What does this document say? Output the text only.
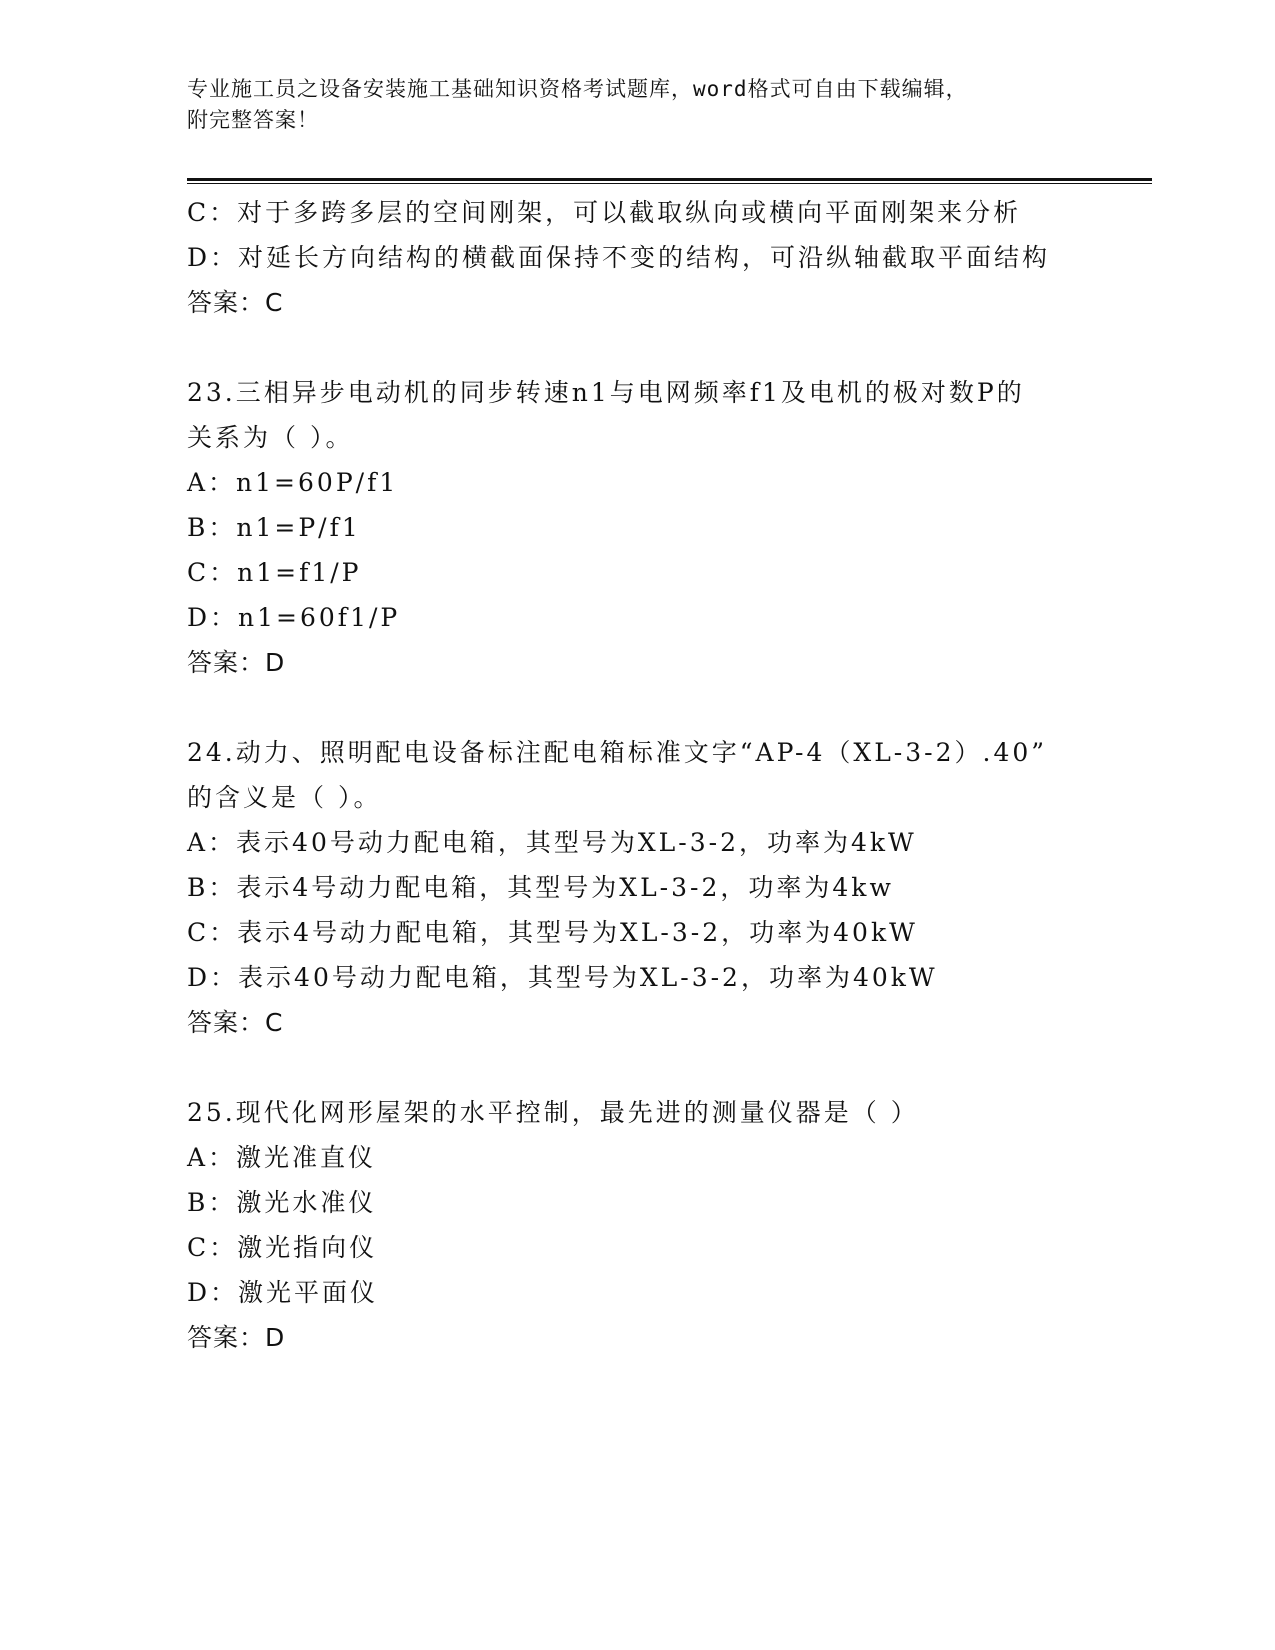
专业施工员之设备安装施工基础知识资格考试题库，word格式可自由下载编辑，
附完整答案！
C：对于多跨多层的空间刚架，可以截取纵向或横向平面刚架来分析
D：对延长方向结构的横截面保持不变的结构，可沿纵轴截取平面结构
答案：C
23.三相异步电动机的同步转速n1与电网频率f1及电机的极对数P的
关系为（ ）。
A：n1=60P/f1
B：n1=P/f1
C：n1=f1/P
D：n1=60f1/P
答案：D
24.动力、照明配电设备标注配电箱标准文字“AP-4（XL-3-2）.40”
的含义是（ ）。
A：表示40号动力配电箱，其型号为XL-3-2，功率为4kW
B：表示4号动力配电箱，其型号为XL-3-2，功率为4kw
C：表示4号动力配电箱，其型号为XL-3-2，功率为40kW
D：表示40号动力配电箱，其型号为XL-3-2，功率为40kW
答案：C
25.现代化网形屋架的水平控制，最先进的测量仪器是（ ）
A：激光准直仪
B：激光水准仪
C：激光指向仪
D：激光平面仪
答案：D
